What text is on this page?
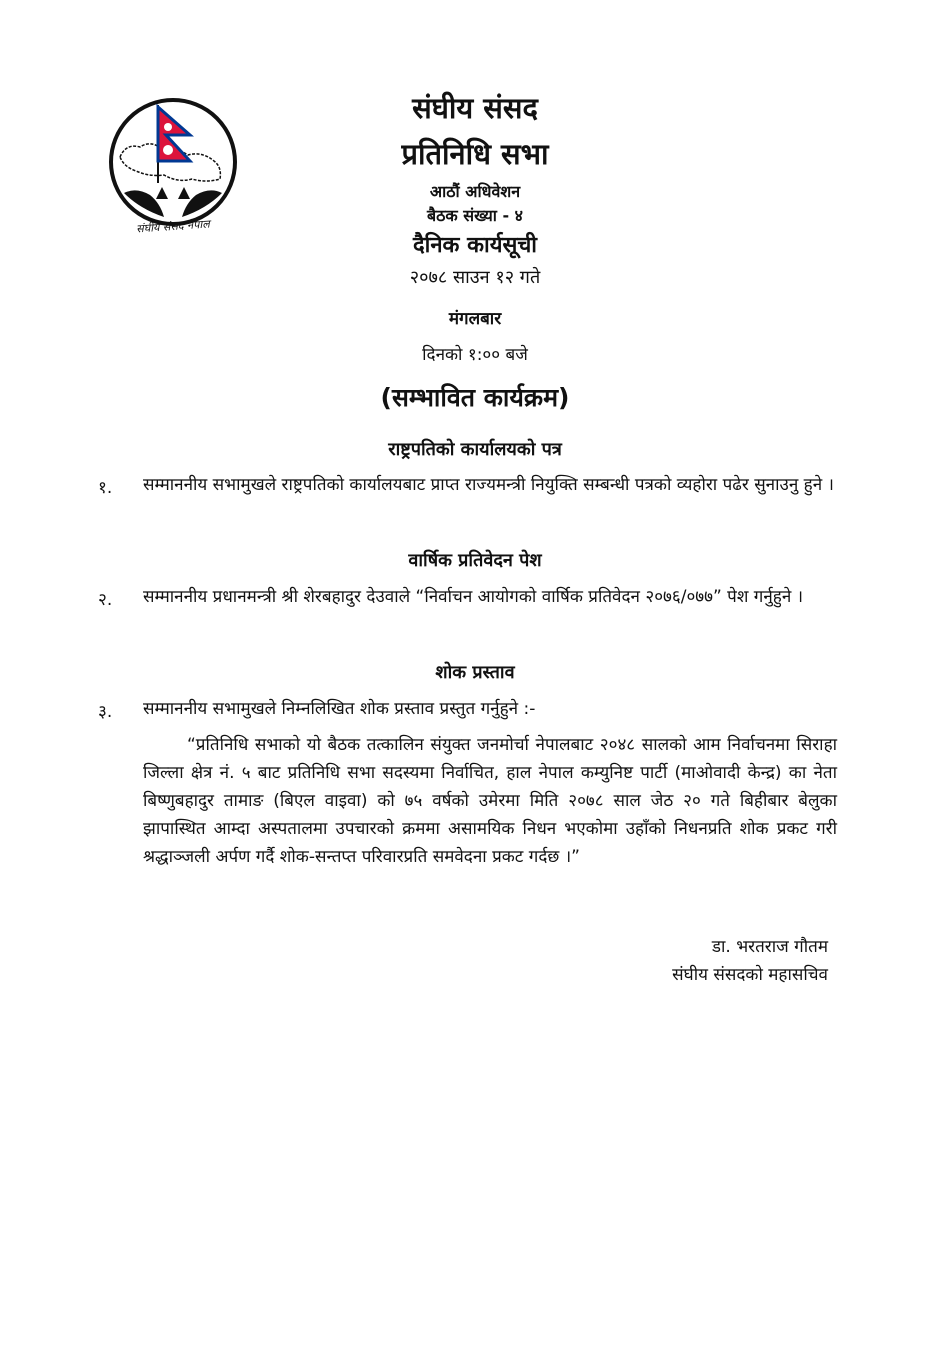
संघीय संसद नेपाल
संघीय संसद
प्रतिनिधि सभा
आठौं अधिवेशन
बैठक संख्या - ४
दैनिक कार्यसूची
२०७८ साउन १२ गते
मंगलबार
दिनको १:०० बजे
(सम्भावित कार्यक्रम)
राष्ट्रपतिको कार्यालयको पत्र
१. सम्माननीय सभामुखले राष्ट्रपतिको कार्यालयबाट प्राप्त राज्यमन्त्री नियुक्ति सम्बन्धी पत्रको व्यहोरा पढेर सुनाउनु हुने ।
वार्षिक प्रतिवेदन पेश
२. सम्माननीय प्रधानमन्त्री श्री शेरबहादुर देउवाले “निर्वाचन आयोगको वार्षिक प्रतिवेदन २०७६/०७७” पेश गर्नुहुने ।
शोक प्रस्ताव
३. सम्माननीय सभामुखले निम्नलिखित शोक प्रस्ताव प्रस्तुत गर्नुहुने :-
“प्रतिनिधि सभाको यो बैठक तत्कालिन संयुक्त जनमोर्चा नेपालबाट २०४८ सालको आम निर्वाचनमा सिराहा जिल्ला क्षेत्र नं. ५ बाट प्रतिनिधि सभा सदस्यमा निर्वाचित, हाल नेपाल कम्युनिष्ट पार्टी (माओवादी केन्द्र) का नेता बिष्णुबहादुर तामाङ (बिएल वाइवा) को ७५ वर्षको उमेरमा मिति २०७८ साल जेठ २० गते बिहीबार बेलुका झापास्थित आम्दा अस्पतालमा उपचारको क्रममा असामयिक निधन भएकोमा उहाँको निधनप्रति शोक प्रकट गरी श्रद्धाञ्जली अर्पण गर्दै शोक-सन्तप्त परिवारप्रति समवेदना प्रकट गर्दछ ।”
डा. भरतराज गौतम
संघीय संसदको महासचिव
